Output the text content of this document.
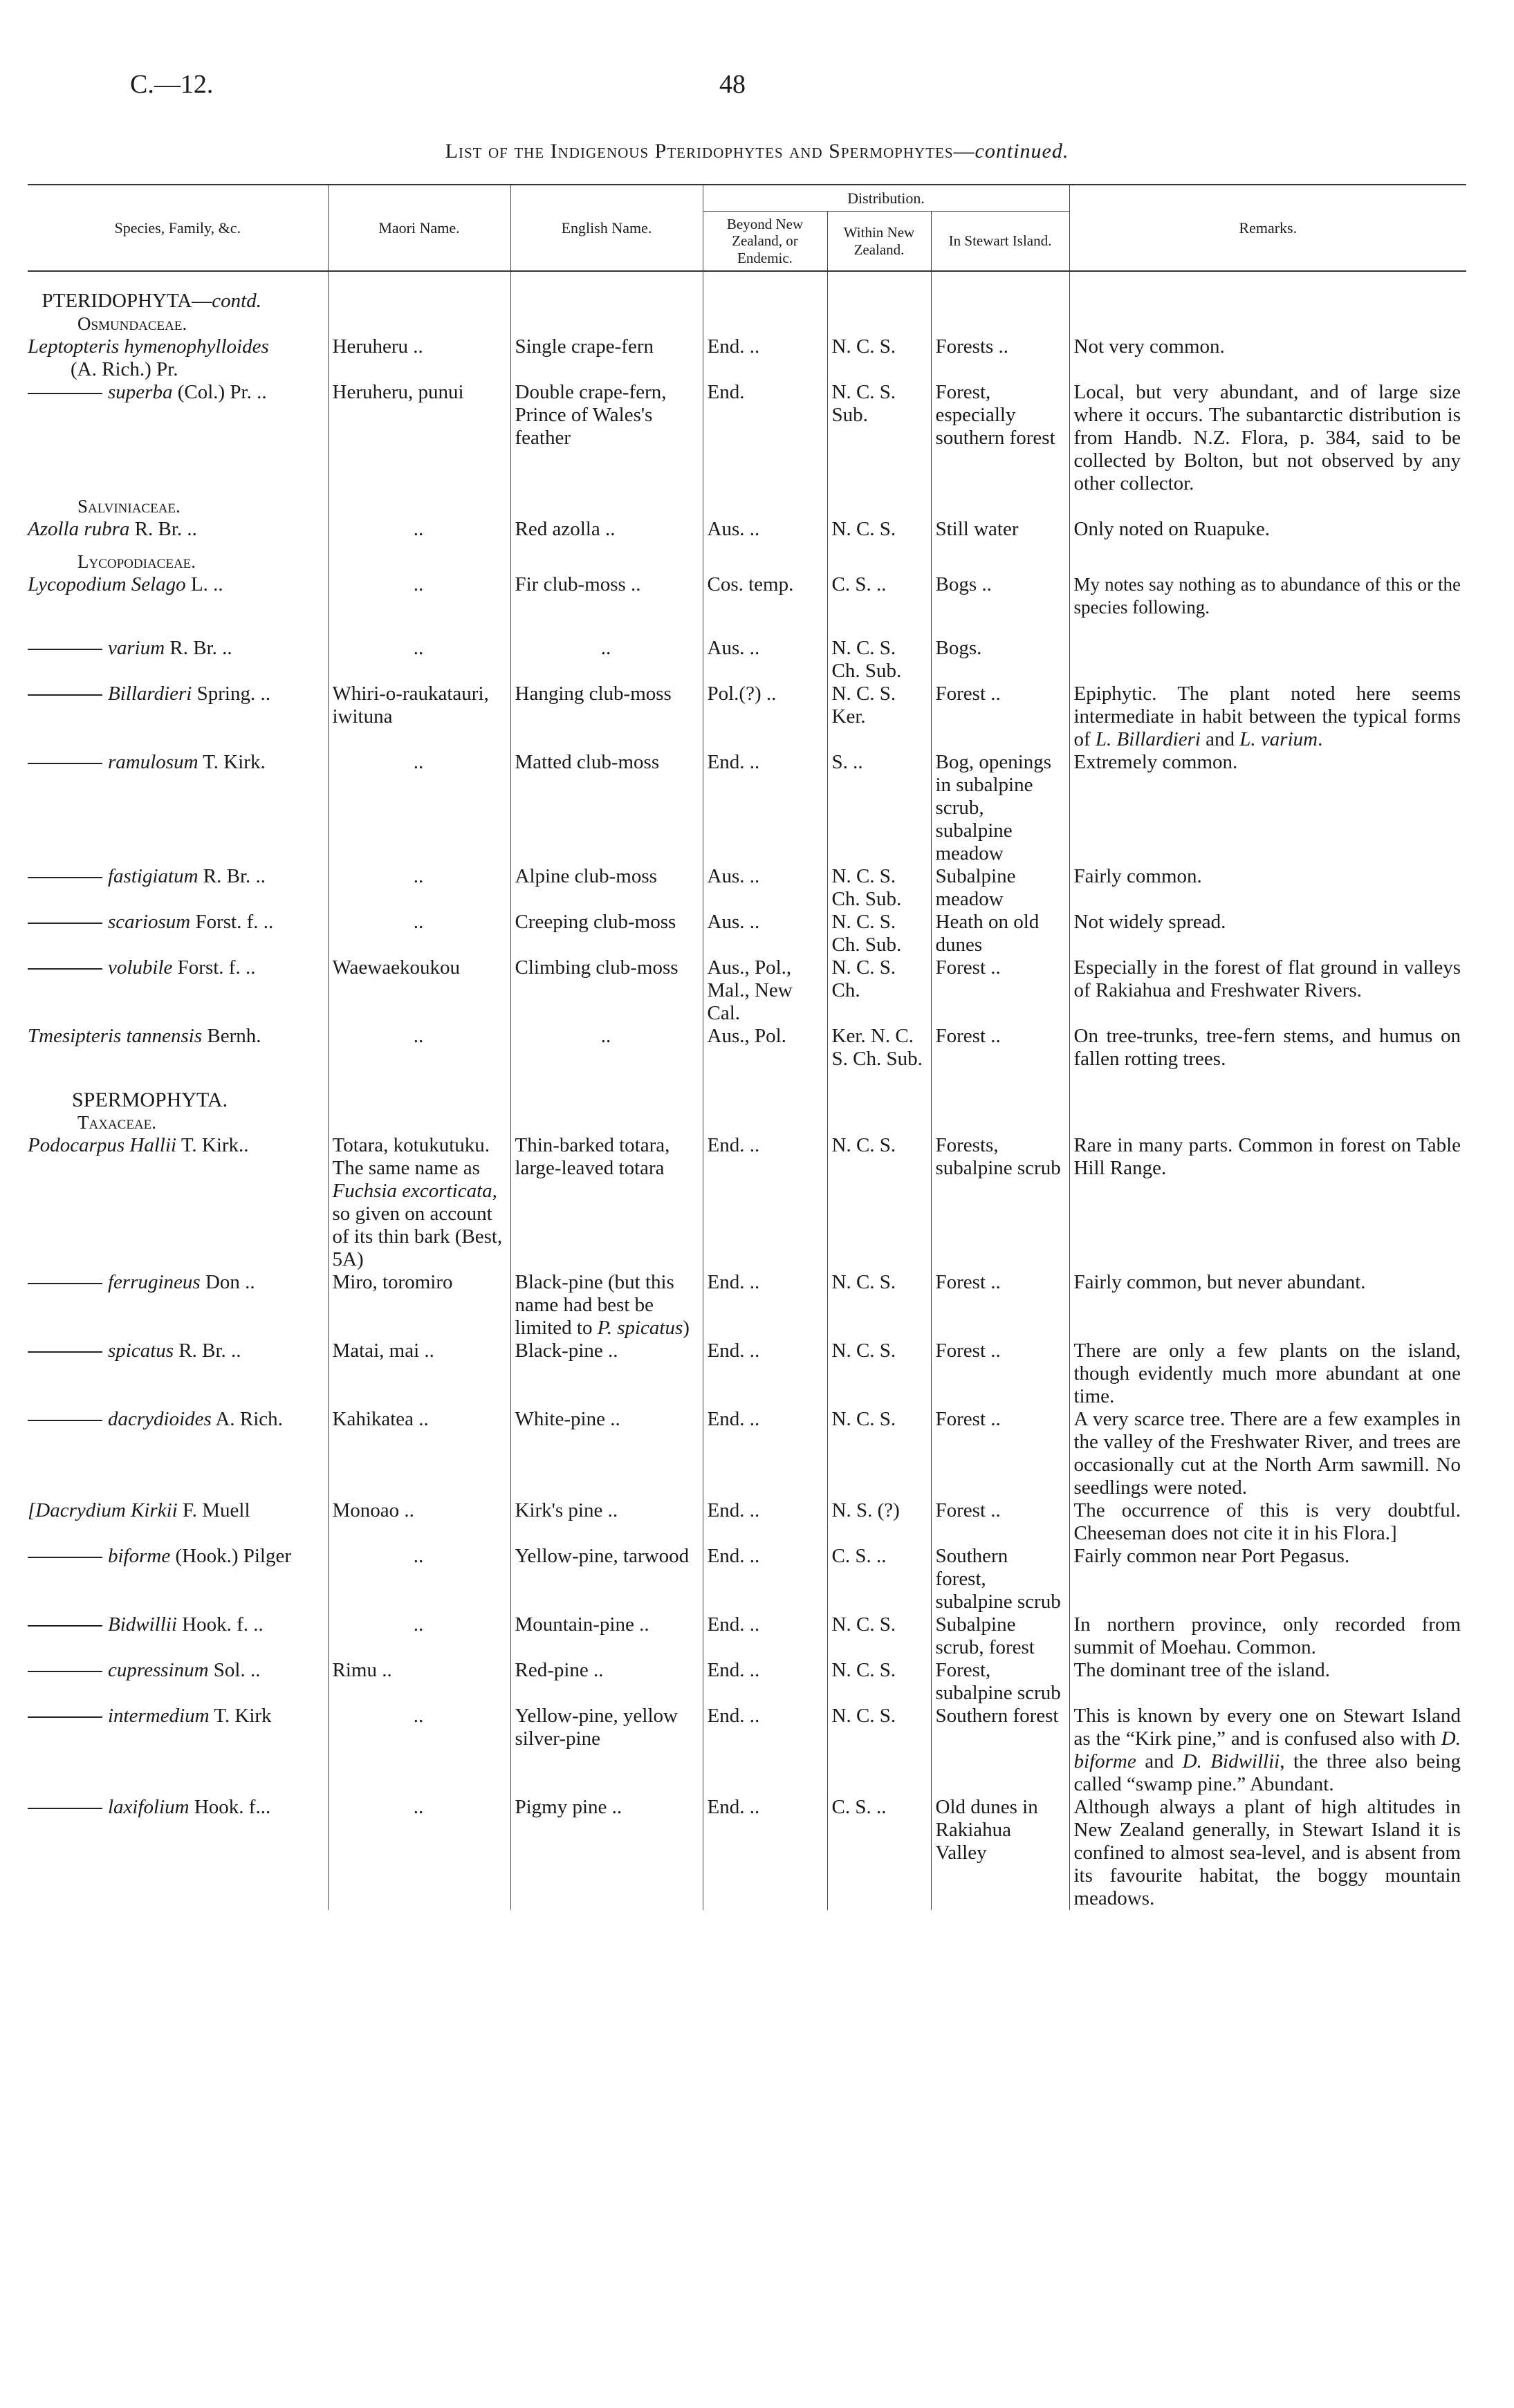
C.—12.	48
List of the Indigenous Pteridophytes and Spermophytes—continued.
Species, Family, &c.	Maori Name.	English Name.	Distribution.			Remarks.
			Beyond New Zealand, or Endemic.	Within New Zealand.	In Stewart Island.	

PTERIDOPHYTA—contd.
Osmundaceae.						

Leptopteris hymenophylloides
(A. Rich.) Pr.	Heruheru ..	Single crape-fern	End. ..	N. C. S.	Forests ..	Not very common.
superba (Col.) Pr. ..	Heruheru, punui	Double crape-fern, Prince of Wales's feather	End.	N. C. S. Sub.	Forest, especially southern forest	Local, but very abundant, and of large size where it occurs. The subantarctic distribution is from Handb. N.Z. Flora, p. 384, said to be collected by Bolton, but not observed by any other collector.

Salviniaceae.						

Azolla rubra R. Br. ..	..	Red azolla ..	Aus. ..	N. C. S.	Still water	Only noted on Ruapuke.

Lycopodiaceae.						

Lycopodium Selago L. ..	..	Fir club-moss ..	Cos. temp.	C. S. ..	Bogs ..	My notes say nothing as to abundance of this or the species following.

varium R. Br. ..	..	..	Aus. ..	N. C. S. Ch. Sub.	Bogs.	
Billardieri Spring. ..	Whiri-o-raukatauri, iwituna	Hanging club-moss	Pol.(?) ..	N. C. S. Ker.	Forest ..	Epiphytic. The plant noted here seems intermediate in habit between the typical forms of L. Billardieri and L. varium.
ramulosum T. Kirk.	..	Matted club-moss	End. ..	S. ..	Bog, openings in subalpine scrub, subalpine meadow	Extremely common.
fastigiatum R. Br. ..	..	Alpine club-moss	Aus. ..	N. C. S. Ch. Sub.	Subalpine meadow	Fairly common.
scariosum Forst. f. ..	..	Creeping club-moss	Aus. ..	N. C. S. Ch. Sub.	Heath on old dunes	Not widely spread.
volubile Forst. f. ..	Waewaekoukou	Climbing club-moss	Aus., Pol., Mal., New Cal.	N. C. S. Ch.	Forest ..	Especially in the forest of flat ground in valleys of Rakiahua and Freshwater Rivers.
Tmesipteris tannensis Bernh.	..	..	Aus., Pol.	Ker. N. C. S. Ch. Sub.	Forest ..	On tree-trunks, tree-fern stems, and humus on fallen rotting trees.

SPERMOPHYTA.
Taxaceae.						

Podocarpus Hallii T. Kirk..	Totara, kotukutuku. The same name as Fuchsia excorticata, so given on account of its thin bark (Best, 5A)	Thin-barked totara, large-leaved totara	End. ..	N. C. S.	Forests, subalpine scrub	Rare in many parts. Common in forest on Table Hill Range.
ferrugineus Don ..	Miro, toromiro	Black-pine (but this name had best be limited to P. spicatus)	End. ..	N. C. S.	Forest ..	Fairly common, but never abundant.
spicatus R. Br. ..	Matai, mai ..	Black-pine ..	End. ..	N. C. S.	Forest ..	There are only a few plants on the island, though evidently much more abundant at one time.
dacrydioides A. Rich.	Kahikatea ..	White-pine ..	End. ..	N. C. S.	Forest ..	A very scarce tree. There are a few examples in the valley of the Freshwater River, and trees are occasionally cut at the North Arm sawmill. No seedlings were noted.
[Dacrydium Kirkii F. Muell	Monoao ..	Kirk's pine ..	End. ..	N. S. (?)	Forest ..	The occurrence of this is very doubtful. Cheeseman does not cite it in his Flora.]
biforme (Hook.) Pilger	..	Yellow-pine, tarwood	End. ..	C. S. ..	Southern forest, subalpine scrub	Fairly common near Port Pegasus.
Bidwillii Hook. f. ..	..	Mountain-pine ..	End. ..	N. C. S.	Subalpine scrub, forest	In northern province, only recorded from summit of Moehau. Common.
cupressinum Sol. ..	Rimu ..	Red-pine ..	End. ..	N. C. S.	Forest, subalpine scrub	The dominant tree of the island.
intermedium T. Kirk	..	Yellow-pine, yellow silver-pine	End. ..	N. C. S.	Southern forest	This is known by every one on Stewart Island as the “Kirk pine,” and is confused also with D. biforme and D. Bidwillii, the three also being called “swamp pine.” Abundant.
laxifolium Hook. f...	..	Pigmy pine ..	End. ..	C. S. ..	Old dunes in Rakiahua Valley	Although always a plant of high altitudes in New Zealand generally, in Stewart Island it is confined to almost sea-level, and is absent from its favourite habitat, the boggy mountain meadows.
